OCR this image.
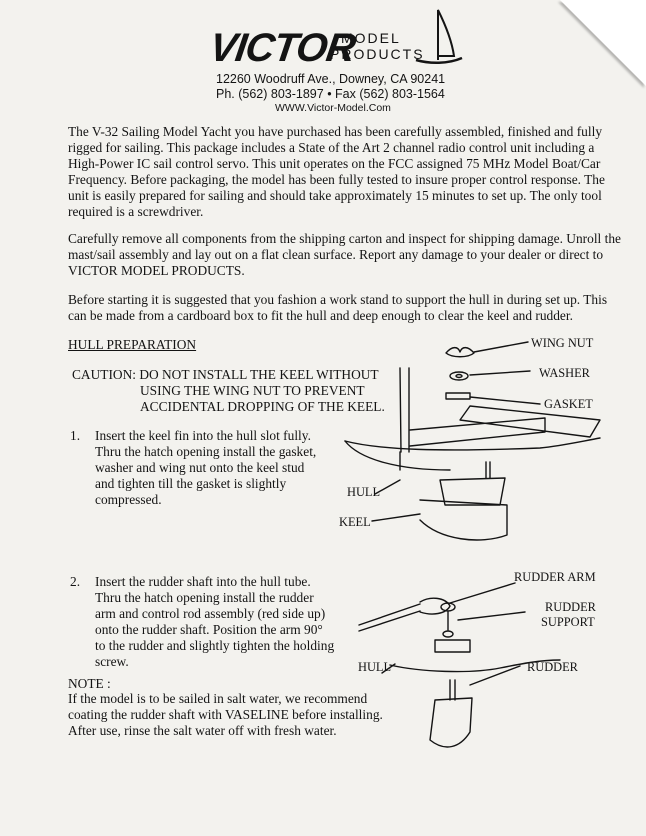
VICTOR
MODEL
PRODUCTS
12260 Woodruff Ave., Downey, CA 90241
Ph. (562) 803-1897 • Fax (562) 803-1564
WWW.Victor-Model.Com
The V-32 Sailing Model Yacht you have purchased has been carefully assembled, finished and fully
rigged for sailing. This package includes a State of the Art 2 channel radio control unit including a
High-Power IC sail control servo. This unit operates on the FCC assigned 75 MHz Model Boat/Car
Frequency. Before packaging, the model has been fully tested to insure proper control response. The
unit is easily prepared for sailing and should take approximately 15 minutes to set up. The only tool
required is a screwdriver.
Carefully remove all components from the shipping carton and inspect for shipping damage. Unroll the
mast/sail assembly and lay out on a flat clean surface. Report any damage to your dealer or direct to
VICTOR MODEL PRODUCTS.
Before starting it is suggested that you fashion a work stand to support the hull in during set up. This
can be made from a cardboard box to fit the hull and deep enough to clear the keel and rudder.
HULL PREPARATION
CAUTION: DO NOT INSTALL THE KEEL WITHOUT
USING THE WING NUT TO PREVENT
ACCIDENTAL DROPPING OF THE KEEL.
1. Insert the keel fin into the hull slot fully.
Thru the hatch opening install the gasket,
washer and wing nut onto the keel stud
and tighten till the gasket is slightly
compressed.
2. Insert the rudder shaft into the hull tube.
Thru the hatch opening install the rudder
arm and control rod assembly (red side up)
onto the rudder shaft. Position the arm 90°
to the rudder and slightly tighten the holding
screw.
NOTE :
If the model is to be sailed in salt water, we recommend
coating the rudder shaft with VASELINE before installing.
After use, rinse the salt water off with fresh water.
WING NUT
WASHER
GASKET
HULL
KEEL
RUDDER ARM
RUDDER
SUPPORT
HULL	RUDDER
